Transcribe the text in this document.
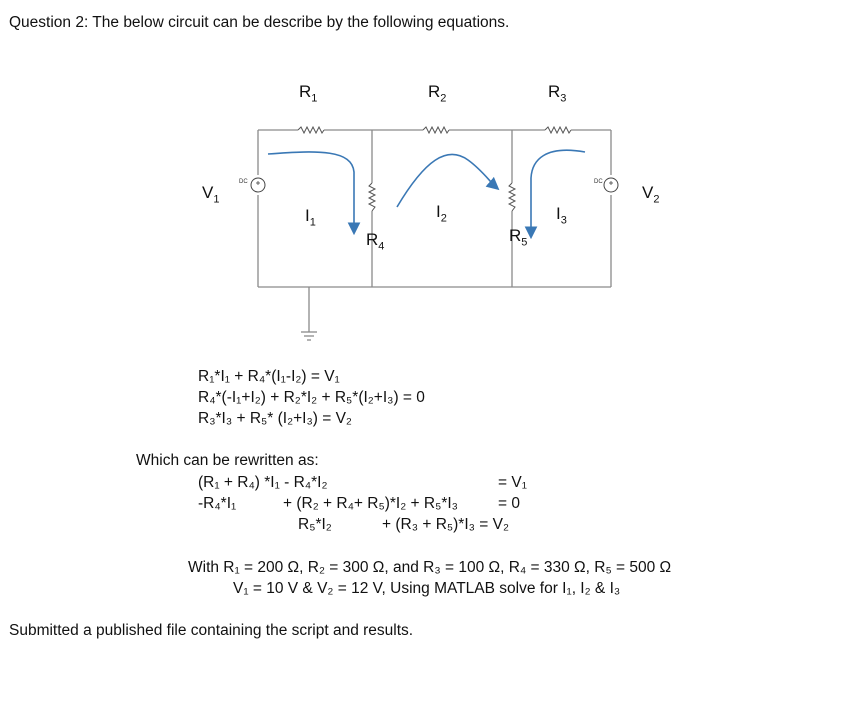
Question 2: The below circuit can be describe by the following equations.
$R_1$	$R_2$	$R_3$
$R_4$
$R_5$
$V_1$	$V_2$
DC	DC
$I_1$
$I_2$	$I_3$
R₁*I₁ + R₄*(I₁-I₂) = V₁
R₄*(-I₁+I₂) + R₂*I₂ + R₅*(I₂+I₃) = 0
R₃*I₃ + R₅* (I₂+I₃) = V₂
Which can be rewritten as:
(R₁ + R₄) *I₁ - R₄*I₂	= V₁
-R₄*I₁	+ (R₂ + R₄+ R₅)*I₂ + R₅*I₃	= 0
R₅*I₂	+ (R₃ + R₅)*I₃ = V₂
With R₁ = 200 Ω, R₂ = 300 Ω, and R₃ = 100 Ω, R₄ = 330 Ω, R₅ = 500 Ω
V₁ = 10 V & V₂ = 12 V, Using MATLAB solve for I₁, I₂ & I₃
Submitted a published file containing the script and results.
